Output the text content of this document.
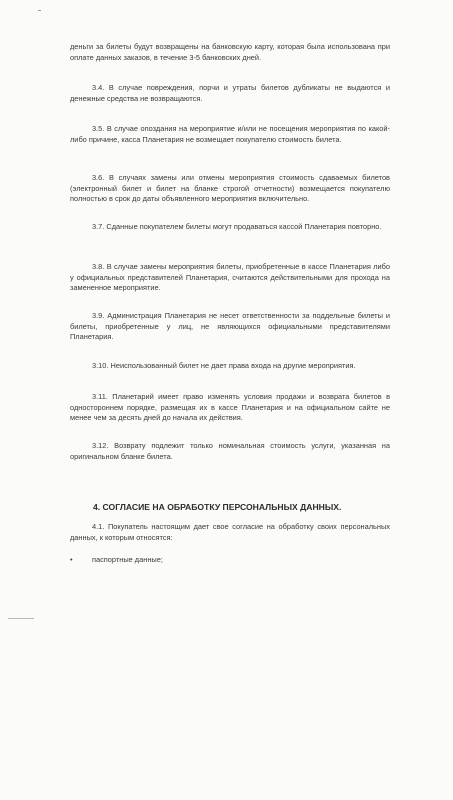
деньги за билеты будут возвращены на банковскую карту, которая была использована при оплате данных заказов, в течение 3-5 банковских дней.

3.4. В случае повреждения, порчи и утраты билетов дубликаты не выдаются и денежные средства не возвращаются.

3.5. В случае опоздания на мероприятие и/или не посещения мероприятия по какой-либо причине, касса Планетария не возмещает покупателю стоимость билета.

3.6. В случаях замены или отмены мероприятия стоимость сдаваемых билетов (электронный билет и билет на бланке строгой отчетности) возмещается покупателю полностью в срок до даты объявленного мероприятия включительно.

3.7. Сданные покупателем билеты могут продаваться кассой Планетария повторно.

3.8. В случае замены мероприятия билеты, приобретенные в кассе Планетария либо у официальных представителей Планетария, считаются действительными для прохода на замененное мероприятие.

3.9. Администрация Планетария не несет ответственности за поддельные билеты и билеты, приобретенные у лиц, не являющихся официальными представителями Планетария.

3.10. Неиспользованный билет не дает права входа на другие мероприятия.

3.11. Планетарий имеет право изменять условия продажи и возврата билетов в одностороннем порядке, размещая их в кассе Планетария и на официальном сайте не менее чем за десять дней до начала их действия.

3.12. Возврату подлежит только номинальная стоимость услуги, указанная на оригинальном бланке билета.

4. СОГЛАСИЕ НА ОБРАБОТКУ ПЕРСОНАЛЬНЫХ ДАННЫХ.

4.1. Покупатель настоящим дает свое согласие на обработку своих персональных данных, к которым относятся:

•	паспортные данные;
